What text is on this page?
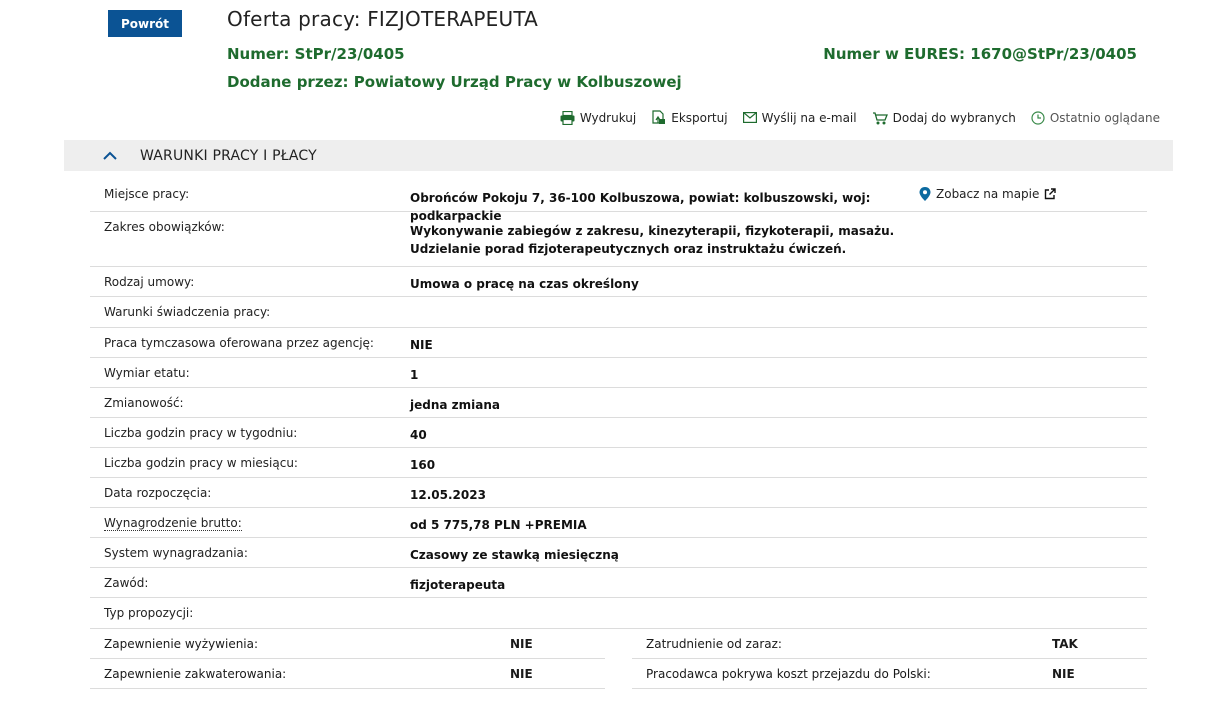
Powrót	Oferta pracy: FIZJOTERAPEUTA
Numer: StPr/23/0405	Numer w EURES: 1670@StPr/23/0405
Dodane przez: Powiatowy Urząd Pracy w Kolbuszowej
Wydrukuj	Eksportuj	Wyślij na e-mail	Dodaj do wybranych	Ostatnio oglądane
WARUNKI PRACY I PŁACY
Miejsce pracy:	Obrońców Pokoju 7, 36-100 Kolbuszowa, powiat: kolbuszowski, woj: podkarpackie
Zobacz na mapie
Zakres obowiązków:	Wykonywanie zabiegów z zakresu, kinezyterapii, fizykoterapii, masażu.
Udzielanie porad fizjoterapeutycznych oraz instruktażu ćwiczeń.
Rodzaj umowy:	Umowa o pracę na czas określony
Warunki świadczenia pracy:
Praca tymczasowa oferowana przez agencję:	NIE
Wymiar etatu:	1
Zmianowość:	jedna zmiana
Liczba godzin pracy w tygodniu:	40
Liczba godzin pracy w miesiącu:	160
Data rozpoczęcia:	12.05.2023
Wynagrodzenie brutto:	od 5 775,78 PLN +PREMIA
System wynagradzania:	Czasowy ze stawką miesięczną
Zawód:	fizjoterapeuta
Typ propozycji:
Zapewnienie wyżywienia:	NIE	Zatrudnienie od zaraz:	TAK
Zapewnienie zakwaterowania:	NIE	Pracodawca pokrywa koszt przejazdu do Polski:	NIE
